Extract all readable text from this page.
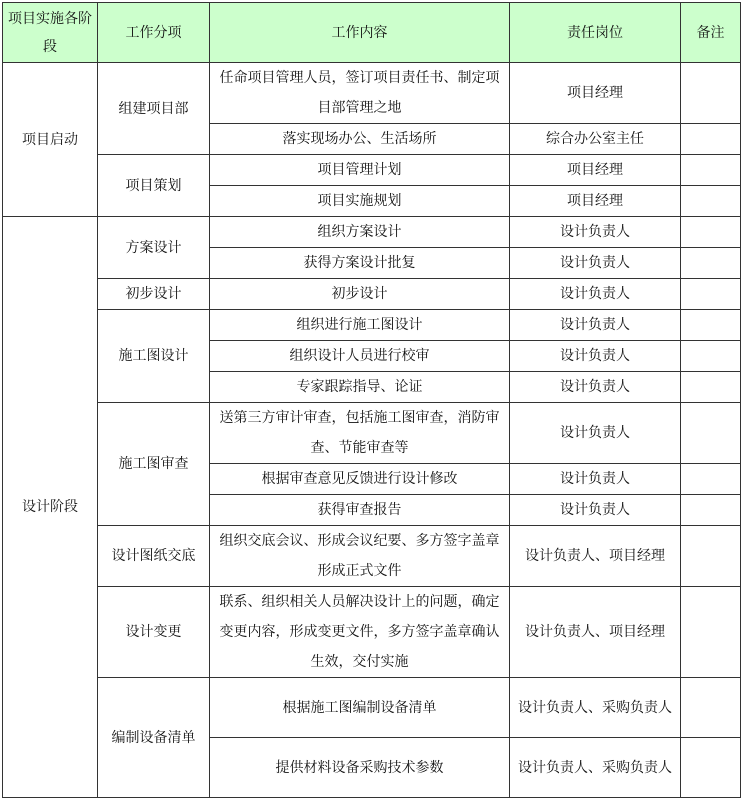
项目实施各阶段	工作分项	工作内容	责任岗位	备注
项目启动	组建项目部	任命项目管理人员，签订项目责任书、制定项目部管理之地	项目经理	
		落实现场办公、生活场所	综合办公室主任	
	项目策划	项目管理计划	项目经理	
		项目实施规划	项目经理	
设计阶段	方案设计	组织方案设计	设计负责人	
		获得方案设计批复	设计负责人	
	初步设计	初步设计	设计负责人	
	施工图设计	组织进行施工图设计	设计负责人	
		组织设计人员进行校审	设计负责人	
		专家跟踪指导、论证	设计负责人	
	施工图审查	送第三方审计审查，包括施工图审查，消防审查、节能审查等	设计负责人	
		根据审查意见反馈进行设计修改	设计负责人	
		获得审查报告	设计负责人	
	设计图纸交底	组织交底会议、形成会议纪要、多方签字盖章形成正式文件	设计负责人、项目经理	
	设计变更	联系、组织相关人员解决设计上的问题，确定变更内容，形成变更文件，多方签字盖章确认生效，交付实施	设计负责人、项目经理	
	编制设备清单	根据施工图编制设备清单	设计负责人、采购负责人	
		提供材料设备采购技术参数	设计负责人、采购负责人	
